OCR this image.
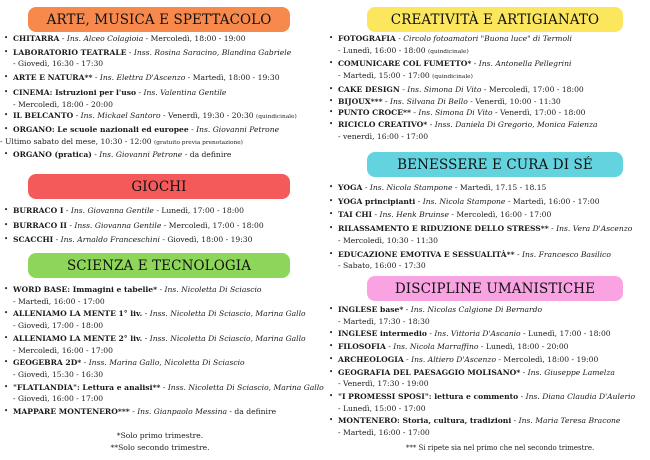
ARTE, MUSICA E SPETTACOLO
• CHITARRA - Ins. Alceo Colagioia - Mercoledì, 18:00 - 19:00
• LABORATORIO TEATRALE - Inss. Rosina Saracino, Blandina Gabriele
- Giovedì, 16:30 - 17:30
• ARTE E NATURA** - Ins. Elettra D'Ascenzo - Martedì, 18:00 - 19:30
• CINEMA: Istruzioni per l'uso - Ins. Valentina Gentile
- Mercoledì, 18:00 - 20:00
• IL BELCANTO - Ins. Mickael Santoro - Venerdì, 19:30 - 20:30 (quindicinale)
• ORGANO: Le scuole nazionali ed europee - Ins. Giovanni Petrone
- Ultimo sabato del mese, 10:30 - 12:00 (gratuito previa prenotazione)
• ORGANO (pratica) - Ins. Giovanni Petrone - da definire
GIOCHI
• BURRACO I - Ins. Giovanna Gentile - Lunedì, 17:00 - 18:00
• BURRACO II - Inss. Giovanna Gentile - Mercoledì, 17:00 - 18:00
• SCACCHI - Ins. Arnaldo Franceschini - Giovedì, 18:00 - 19:30
SCIENZA E TECNOLOGIA
• WORD BASE: Immagini e tabelle* - Ins. Nicoletta Di Sciascio
- Martedì, 16:00 - 17:00
• ALLENIAMO LA MENTE 1° liv. - Inss. Nicoletta Di Sciascio, Marina Gallo
- Giovedì, 17:00 - 18:00
• ALLENIAMO LA MENTE 2° liv. - Inss. Nicoletta Di Sciascio, Marina Gallo
- Mercoledì, 16:00 - 17:00
• GEOGEBRA 2D* - Inss. Marina Gallo, Nicoletta Di Sciascio
- Giovedì, 15:30 - 16:30
• "FLATLANDIA": Lettura e analisi** - Inss. Nicoletta Di Sciascio, Marina Gallo
- Giovedì, 16:00 - 17:00
• MAPPARE MONTENERO*** - Ins. Gianpaolo Messina - da definire
*Solo primo trimestre.
**Solo secondo trimestre.
CREATIVITÀ E ARTIGIANATO
• FOTOGRAFIA - Circolo fotoamatori "Buona luce" di Termoli
- Lunedì, 16:00 - 18:00 (quindicinale)
• COMUNICARE COL FUMETTO* - Ins. Antonella Pellegrini
- Martedì, 15:00 - 17:00 (quindicinale)
• CAKE DESIGN - Ins. Simona Di Vito - Mercoledì, 17:00 - 18:00
• BIJOUX*** - Ins. Silvana Di Bello - Venerdì, 10:00 - 11:30
• PUNTO CROCE** - Ins. Simona Di Vito - Venerdì, 17:00 - 18:00
• RICICLO CREATIVO* - Inss. Daniela Di Gregorio, Monica Faienza
- venerdì, 16:00 - 17:00
BENESSERE E CURA DI SÉ
• YOGA - Ins. Nicola Stampone - Martedì, 17.15 - 18.15
• YOGA principianti - Ins. Nicola Stampone - Martedì, 16:00 - 17:00
• TAI CHI - Ins. Henk Bruinse - Mercoledì, 16:00 - 17:00
• RILASSAMENTO E RIDUZIONE DELLO STRESS** - Ins. Vera D'Ascenzo
- Mercoledì, 10:30 - 11:30
• EDUCAZIONE EMOTIVA E SESSUALITÀ** - Ins. Francesco Basilico
- Sabato, 16:00 - 17:30
DISCIPLINE UMANISTICHE
• INGLESE base* - Ins. Nicolas Calgione Di Bernardo
- Martedì, 17:30 - 18:30
• INGLESE intermedio - Ins. Vittoria D'Ascanio - Lunedì, 17:00 - 18:00
• FILOSOFIA - Ins. Nicola Marraffino - Lunedì, 18:00 - 20:00
• ARCHEOLOGIA - Ins. Altiero D'Ascenzo - Mercoledì, 18:00 - 19:00
• GEOGRAFIA DEL PAESAGGIO MOLISANO* - Ins. Giuseppe Lamelza
- Venerdì, 17:30 - 19:00
• "I PROMESSI SPOSI": lettura e commento - Ins. Diana Claudia D'Aulerio
- Lunedì, 15:00 - 17:00
• MONTENERO: Storia, cultura, tradizioni - Ins. Maria Teresa Bracone
- Martedì, 16:00 - 17:00
*** Si ripete sia nel primo che nel secondo trimestre.
